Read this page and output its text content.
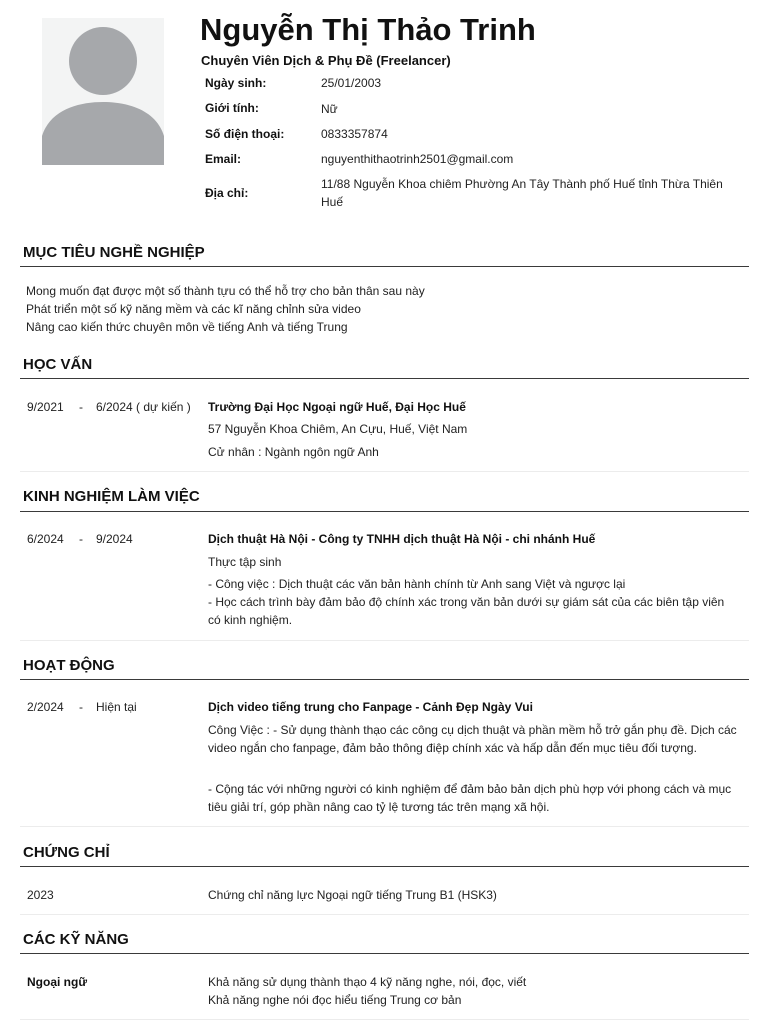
Nguyễn Thị Thảo Trinh
Chuyên Viên Dịch & Phụ Đề (Freelancer)
Ngày sinh:	25/01/2003
Giới tính:	Nữ
Số điện thoại:	0833357874
Email:	nguyenthithaotrinh2501@gmail.com
Địa chỉ:
11/88 Nguyễn Khoa chiêm Phường An Tây Thành phố Huế tỉnh Thừa Thiên Huế
MỤC TIÊU NGHỀ NGHIỆP
Mong muốn đạt được một số thành tựu có thể hỗ trợ cho bản thân sau này
Phát triển một số kỹ năng mềm và các kĩ năng chỉnh sửa video
Nâng cao kiến thức chuyên môn về tiếng Anh và tiếng Trung
HỌC VẤN
9/2021 - 6/2024 ( dự kiến ) Trường Đại Học Ngoại ngữ Huế, Đại Học Huế
57 Nguyễn Khoa Chiêm, An Cựu, Huế, Việt Nam
Cử nhân : Ngành ngôn ngữ Anh
KINH NGHIỆM LÀM VIỆC
6/2024 - 9/2024	Dịch thuật Hà Nội - Công ty TNHH dịch thuật Hà Nội - chi nhánh Huế
Thực tập sinh
- Công việc : Dịch thuật các văn bản hành chính từ Anh sang Việt và ngược lại
- Học cách trình bày đảm bảo độ chính xác trong văn bản dưới sự giám sát của các biên tập viên có kinh nghiệm.
HOẠT ĐỘNG
2/2024 - Hiện tại	Dịch video tiếng trung cho Fanpage - Cảnh Đẹp Ngày Vui
Công Việc : - Sử dụng thành thạo các công cụ dịch thuật và phần mềm hỗ trở gắn phụ đề. Dịch các video ngắn cho fanpage, đảm bảo thông điệp chính xác và hấp dẫn đến mục tiêu đối tượng.
- Cộng tác với những người có kinh nghiệm để đảm bảo bản dịch phù hợp với phong cách và mục tiêu giải trí, góp phần nâng cao tỷ lệ tương tác trên mạng xã hội.
CHỨNG CHỈ
2023	Chứng chỉ năng lực Ngoại ngữ tiếng Trung B1 (HSK3)
CÁC KỸ NĂNG
Ngoại ngữ	Khả năng sử dụng thành thạo 4 kỹ năng nghe, nói, đọc, viết
Khả năng nghe nói đọc hiểu tiếng Trung cơ bản
